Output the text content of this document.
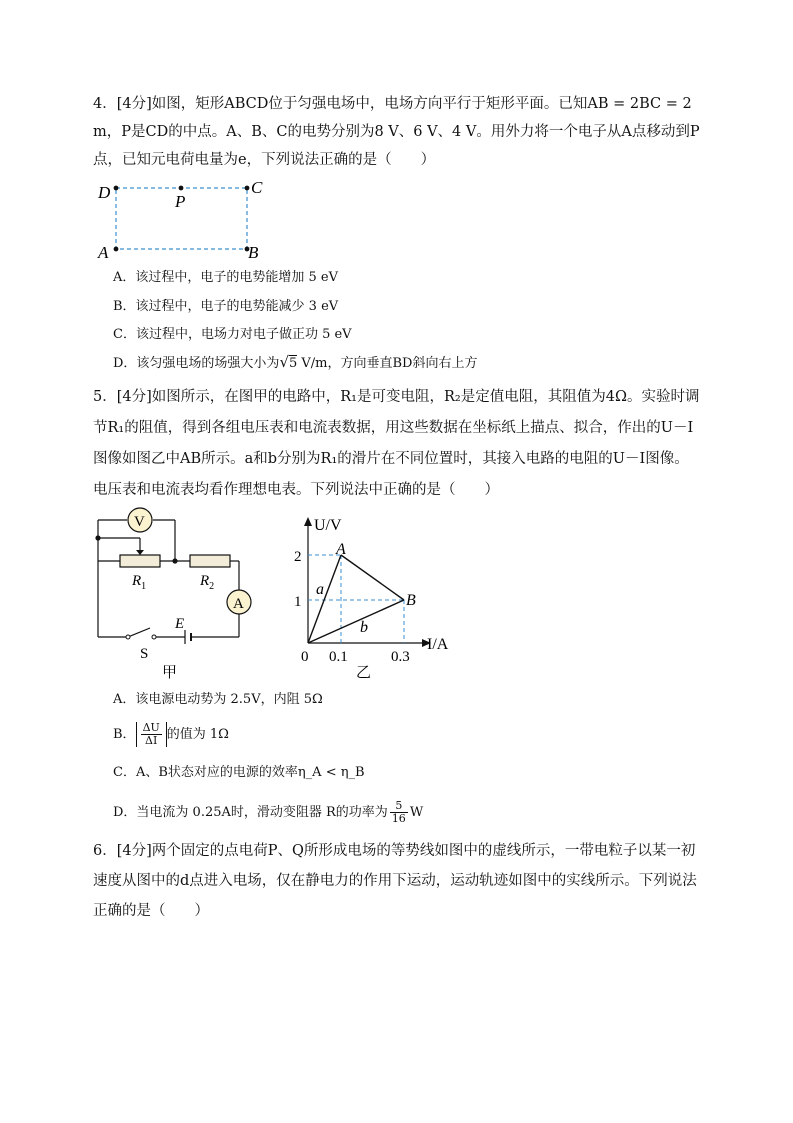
4．[4分]如图，矩形ABCD位于匀强电场中，电场方向平行于矩形平面。已知AB = 2BC = 2 m，P是CD的中点。A、B、C的电势分别为8 V、6 V、4 V。用外力将一个电子从A点移动到P点，已知元电荷电量为e，下列说法正确的是（　　）
D	P
C
A	B
A．该过程中，电子的电势能增加 5 eV
B．该过程中，电子的电势能减少 3 eV
C．该过程中，电场力对电子做正功 5 eV
D．该匀强电场的场强大小为√5 V/m，方向垂直BD斜向右上方
5．[4分]如图所示，在图甲的电路中，R₁是可变电阻，R₂是定值电阻，其阻值为4Ω。实验时调节R₁的阻值，得到各组电压表和电流表数据，用这些数据在坐标纸上描点、拟合，作出的U－I图像如图乙中AB所示。a和b分别为R₁的滑片在不同位置时，其接入电路的电阻的U－I图像。电压表和电流表均看作理想电表。下列说法中正确的是（　　）
V
A
$R_1$	$R_2$
S
E
甲
U/V
I/A
0
2
1
0.1	0.3
A
B
a
b
乙
A．该电源电动势为 2.5V，内阻 5Ω
B． $\frac{\Delta U}{\Delta I}$ 的值为 1Ω
C．A、B状态对应的电源的效率η_A < η_B
D．当电流为 0.25A时，滑动变阻器 R的功率为 $\frac{5}{16}$ W
6．[4分]两个固定的点电荷P、Q所形成电场的等势线如图中的虚线所示，一带电粒子以某一初速度从图中的d点进入电场，仅在静电力的作用下运动，运动轨迹如图中的实线所示。下列说法正确的是（　　）
